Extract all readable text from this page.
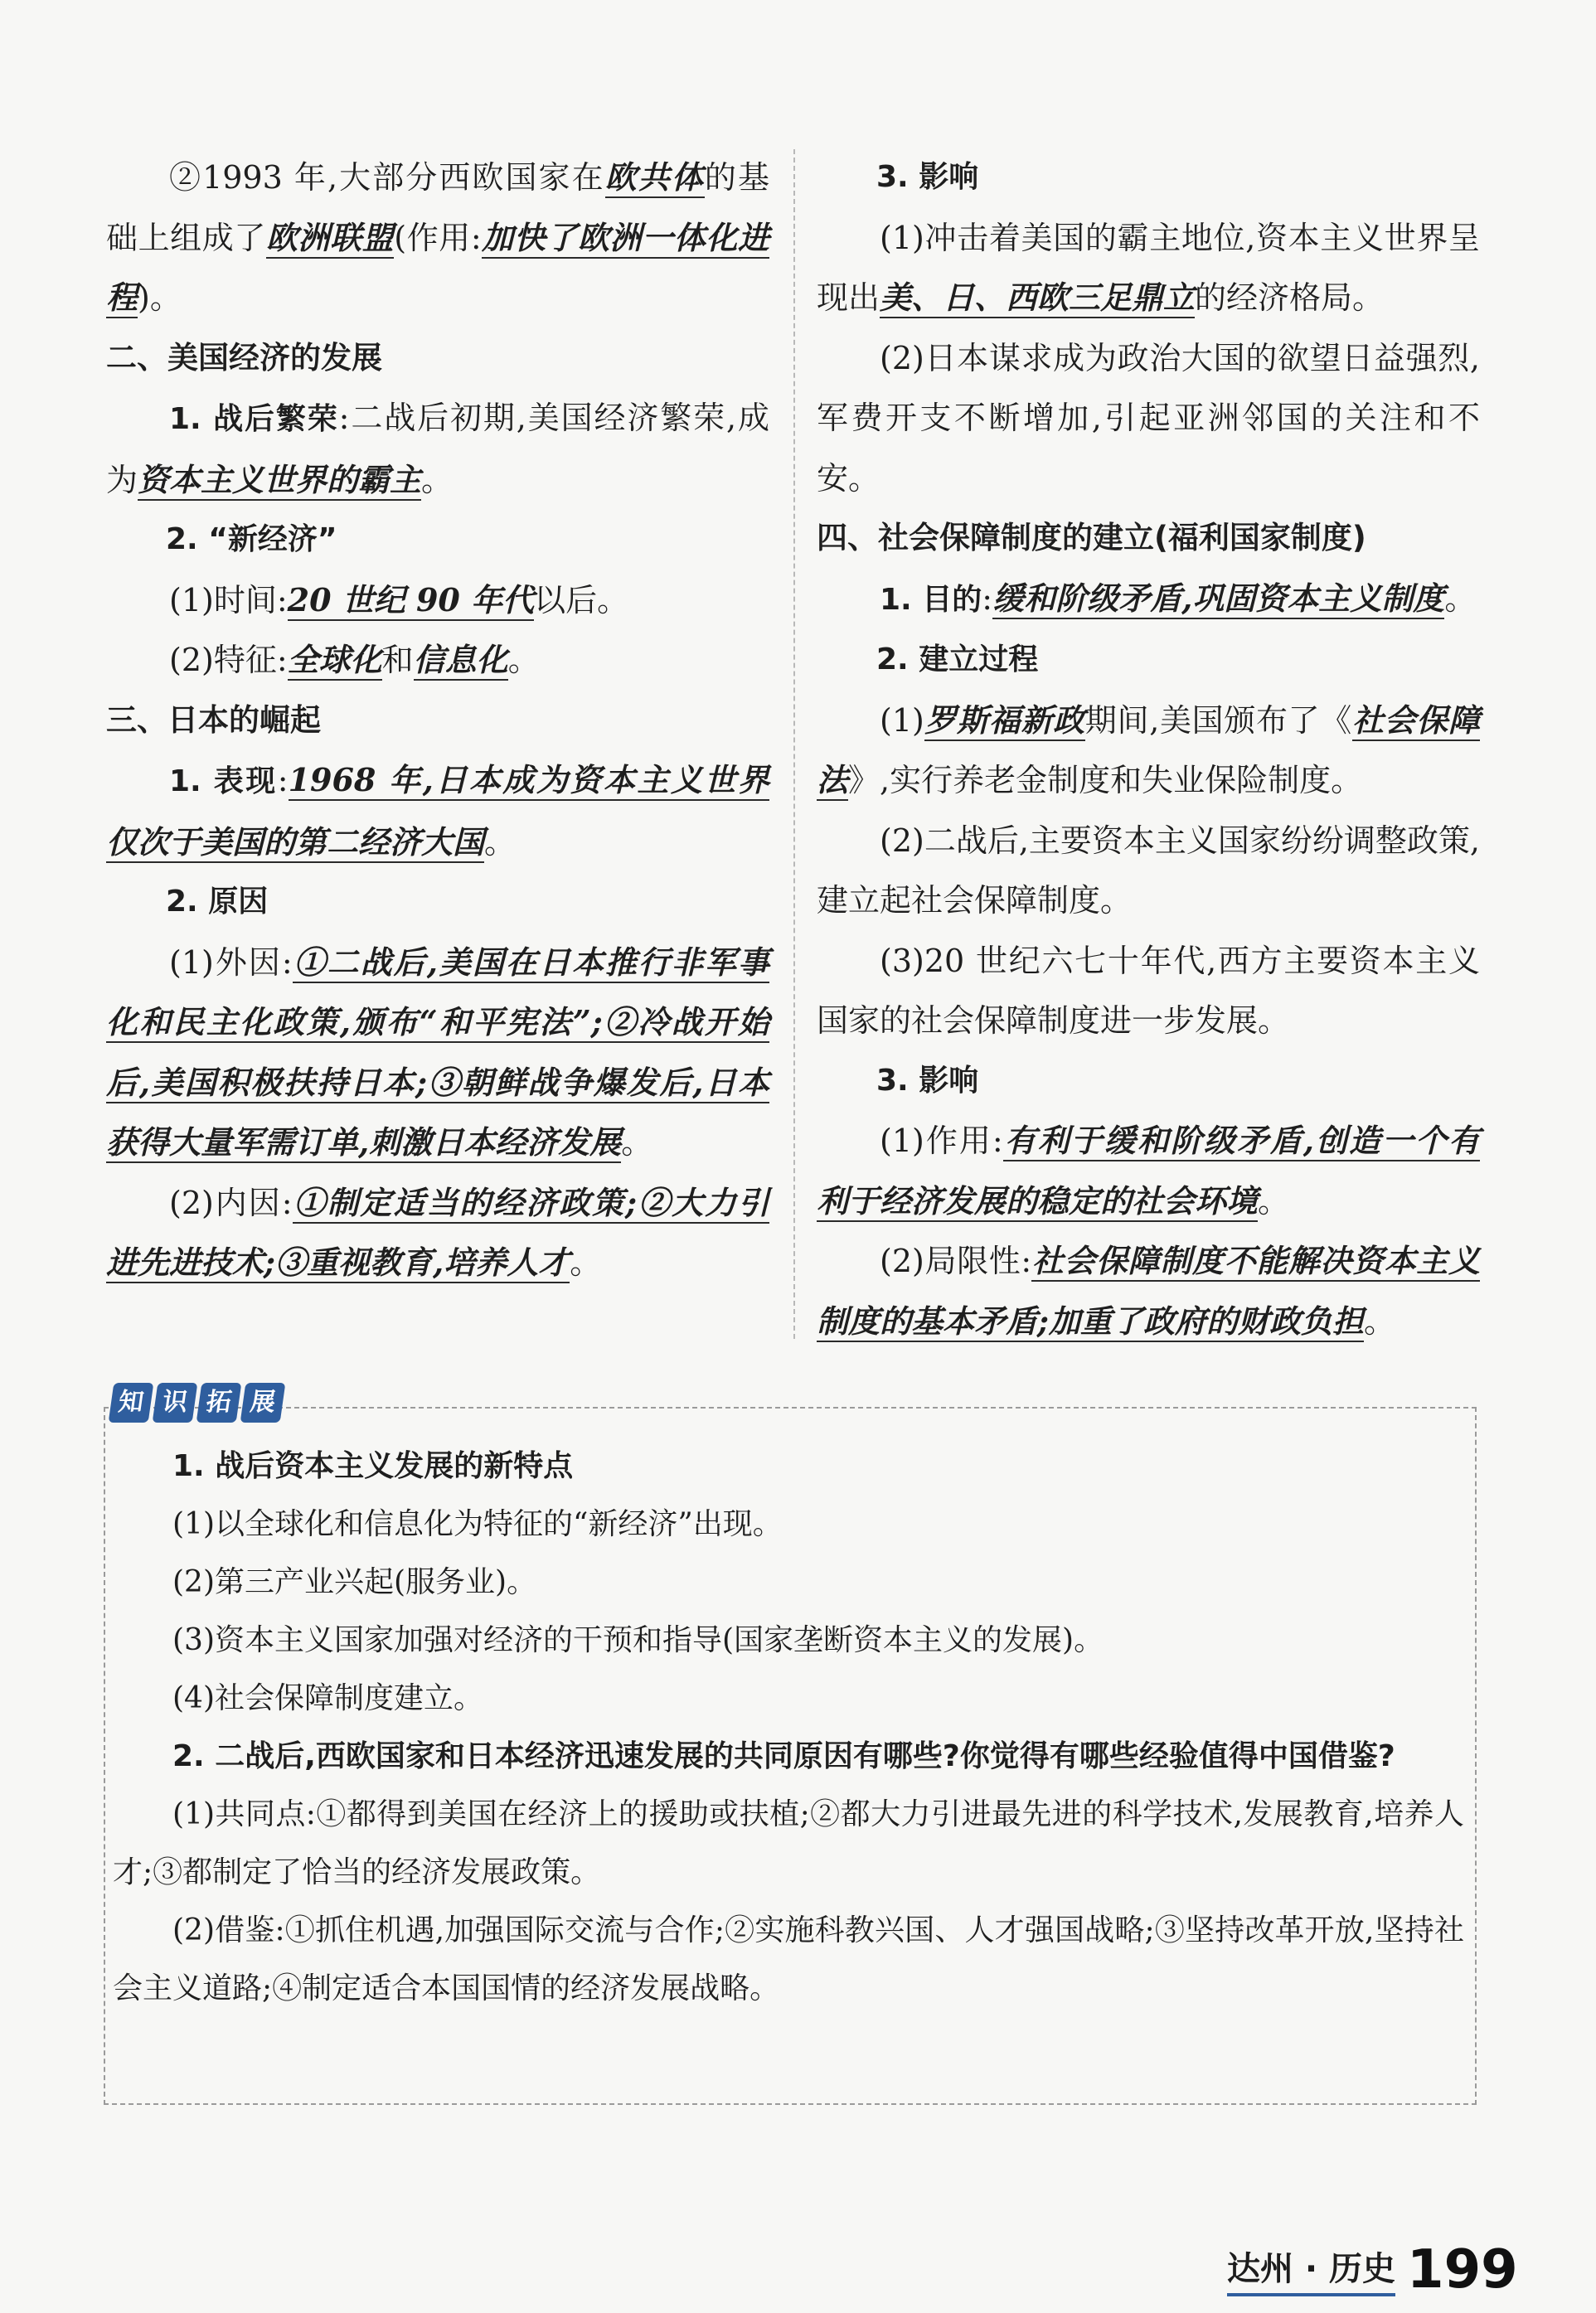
②1993 年,大部分西欧国家在欧共体的基础上组成了欧洲联盟(作用:加快了欧洲一体化进程)。

二、美国经济的发展

1. 战后繁荣:二战后初期,美国经济繁荣,成为资本主义世界的霸主。

2. “新经济”

(1)时间:20 世纪 90 年代以后。

(2)特征:全球化和信息化。

三、日本的崛起

1. 表现:1968 年,日本成为资本主义世界仅次于美国的第二经济大国。

2. 原因

(1)外因:①二战后,美国在日本推行非军事化和民主化政策,颁布“和平宪法”;②冷战开始后,美国积极扶持日本;③朝鲜战争爆发后,日本获得大量军需订单,刺激日本经济发展。

(2)内因:①制定适当的经济政策;②大力引进先进技术;③重视教育,培养人才。

3. 影响

(1)冲击着美国的霸主地位,资本主义世界呈现出美、日、西欧三足鼎立的经济格局。

(2)日本谋求成为政治大国的欲望日益强烈,军费开支不断增加,引起亚洲邻国的关注和不安。

四、社会保障制度的建立(福利国家制度)

1. 目的:缓和阶级矛盾,巩固资本主义制度。

2. 建立过程

(1)罗斯福新政期间,美国颁布了《社会保障法》,实行养老金制度和失业保险制度。

(2)二战后,主要资本主义国家纷纷调整政策,建立起社会保障制度。

(3)20 世纪六七十年代,西方主要资本主义国家的社会保障制度进一步发展。

3. 影响

(1)作用:有利于缓和阶级矛盾,创造一个有利于经济发展的稳定的社会环境。

(2)局限性:社会保障制度不能解决资本主义制度的基本矛盾;加重了政府的财政负担。

知 识 拓 展

1. 战后资本主义发展的新特点

(1)以全球化和信息化为特征的“新经济”出现。

(2)第三产业兴起(服务业)。

(3)资本主义国家加强对经济的干预和指导(国家垄断资本主义的发展)。

(4)社会保障制度建立。

2. 二战后,西欧国家和日本经济迅速发展的共同原因有哪些?你觉得有哪些经验值得中国借鉴?

(1)共同点:①都得到美国在经济上的援助或扶植;②都大力引进最先进的科学技术,发展教育,培养人才;③都制定了恰当的经济发展政策。

(2)借鉴:①抓住机遇,加强国际交流与合作;②实施科教兴国、人才强国战略;③坚持改革开放,坚持社会主义道路;④制定适合本国国情的经济发展战略。

达州 · 历史 199
